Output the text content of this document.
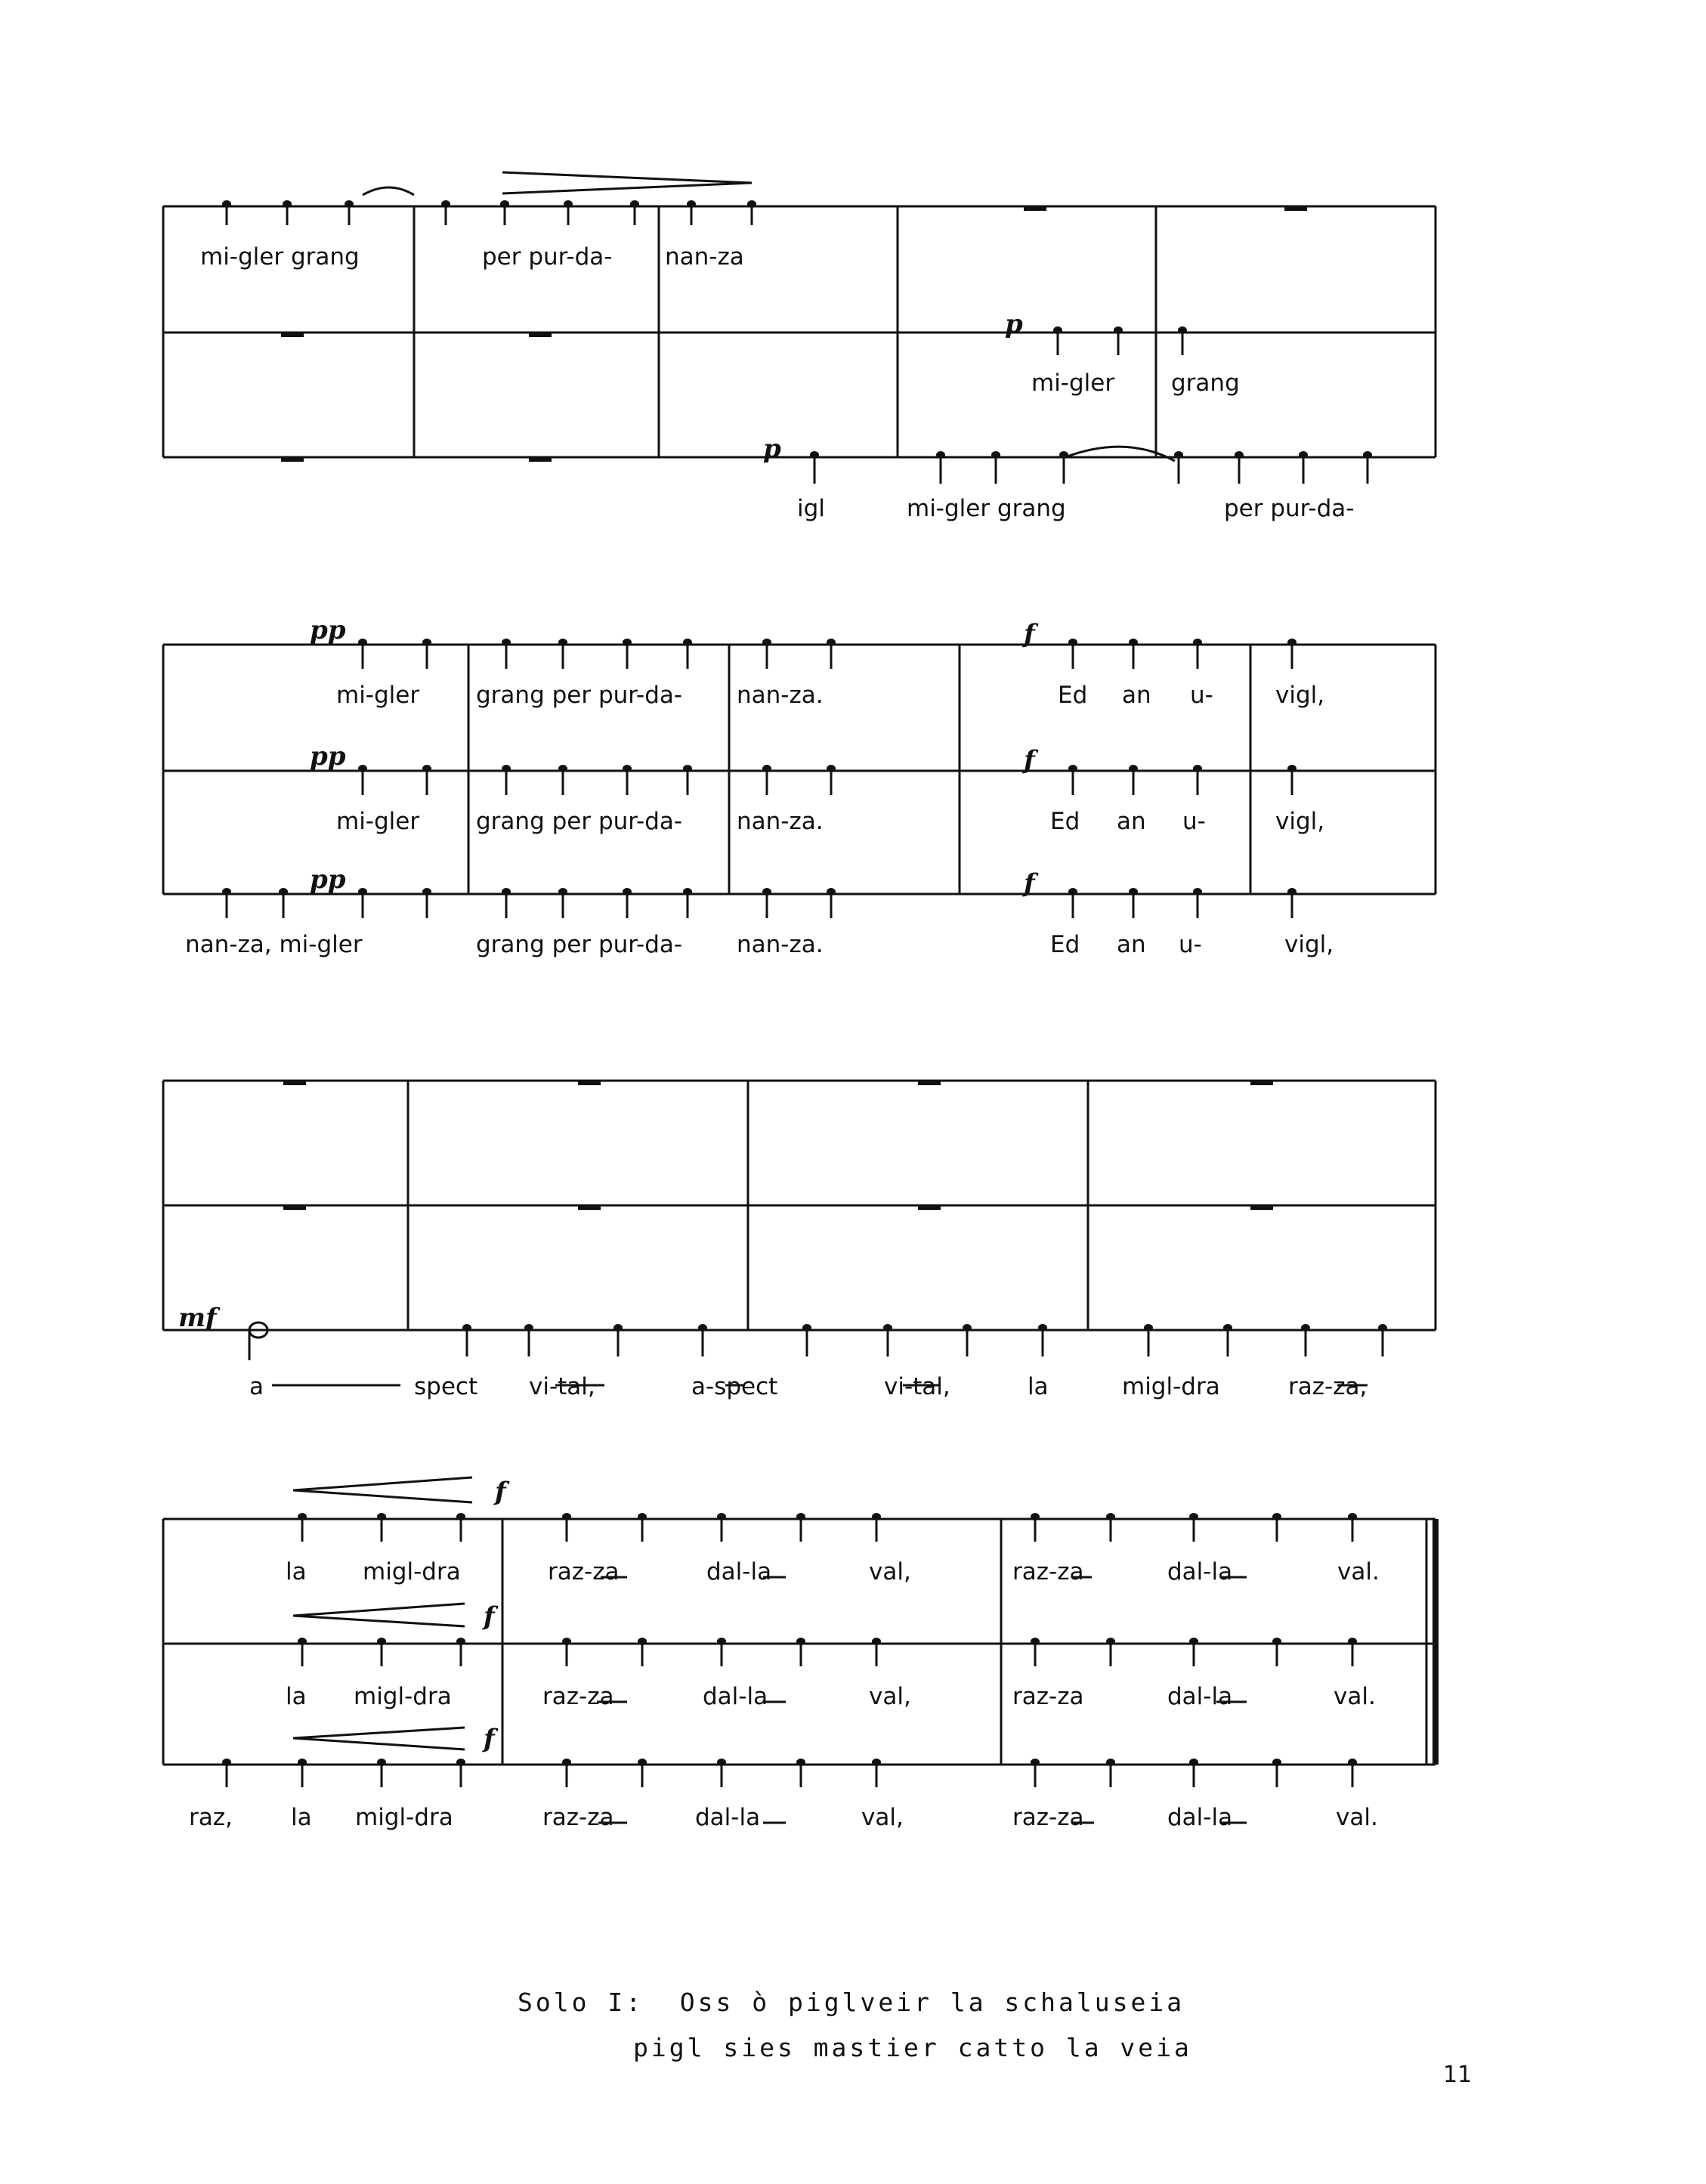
mi-gler grang	per pur-da- nan-za
p
mi-gler grang
p
igl	mi-gler grang	per pur-da-
pp	f
mi-gler grang per pur-da- nan-za.	Ed an u-	vigl,
pp	f
mi-gler grang per pur-da- nan-za.	Ed an u-	vigl,
pp	f
nan-za, mi-gler	grang per pur-da- nan-za.	Ed an u-	vigl,
mf
a	spect vi-tal,	a-spect	vi-tal,	la	migl-dra	raz-za,
f
la migl-dra	raz-za	dal-la	val,	raz-za	dal-la	val.
f
la migl-dra	raz-za	dal-la	val,	raz-za	dal-la	val.
f
raz, la migl-dra	raz-za	dal-la	val,	raz-za	dal-la	val.
Solo I:  Oss ò piglveir la schaluseia
pigl sies mastier catto la veia
11
